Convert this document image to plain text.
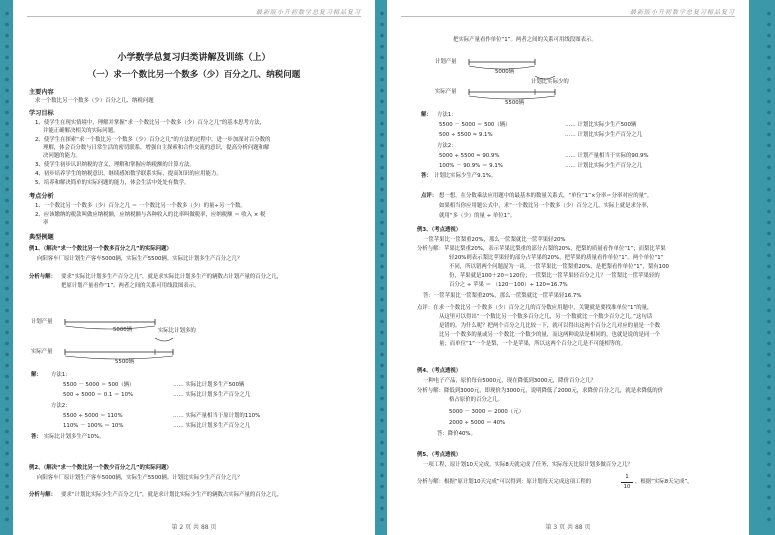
最新版小升初数学总复习精品复习
小学数学总复习归类讲解及训练（上）
（一）求一个数比另一个数多（少）百分之几、纳税问题
主要内容
求一个数比另一个数多（少）百分之几、纳税问题
学习目标
1、使学生在现实情境中，理解并掌握“求一个数比另一个数多（少）百分之几”的基本思考方法，
并能正确解决相关的实际问题。
2、使学生在探索“求一个数比另一个数多（少）百分之几”的方法的过程中，进一步加深对百分数的
理解，体会百分数与日常生活的密切联系，增强自主探索和合作交流的意识，提高分析问题和解
决问题的能力。
3、使学生初步认识纳税的含义，理解和掌握应纳税额的计算方法。
4、初步培养学生的纳税意识，继续感知数学联系实际，提高知识的应用能力。
5、培养和解决简单的实际问题的能力，体会生活中处处有数学。
考点分析
1、一个数比另一个数多（少）百分之几 ＝ 一个数比另一个数多（少）的量÷另一个数。
2、应该缴纳的税款叫做应纳税额，应纳税额与各种收入的比率叫做税率，应纳税额 ＝ 收入 × 税
率
典型例题
例1、（解决“求一个数比另一个数多百分之几”的实际问题）
向阳客车厂原计划生产客车5000辆，实际生产5500辆。实际比计划多生产百分之几？
分析与解： 要求“实际比计划多生产百分之几”，就是求实际比计划多生产的辆数占计划产量的百分之几，
把原计划产量看作“1”。两者之间的关系可用线段图表示。
计划产量
5000辆	实际比计划多的
实际产量
5500辆
解： 方法1：
5500 － 5000 ＝ 500（辆）	…… 实际比计划多生产500辆
500 ÷ 5000 ＝ 0.1 ＝ 10%	…… 实际比计划多生产百分之几
方法2：
5500 ÷ 5000 ＝ 110%	…… 实际产量相当于原计划的110%
110% － 100% ＝ 10%	…… 实际比计划多生产百分之几
答： 实际比计划多生产10%。
例2、（解决“求一个数比另一个数少百分之几”的实际问题）
向阳客车厂原计划生产客车5000辆，实际生产5500辆。计划比实际少生产百分之几？
分析与解： 要求“计划比实际少生产百分之几”，就是求计划比实际少生产的辆数占实际产量的百分之几，
第 2 页 共 88 页
最新版小升初数学总复习精品复习
把实际产量看作单位“1”。两者之间的关系可用线段图表示。
计划产量
5000辆
计划比实际少的
实际产量
5500辆
解： 方法1：
5500 － 5000 ＝ 500（辆）	…… 计划比实际少生产500辆
500 ÷ 5500 ≈ 9.1%	…… 计划比实际少生产百分之几
方法2：
5000 ÷ 5500 ≈ 90.9%	…… 计划产量相当于实际的90.9%
100% － 90.9% ＝ 9.1%	…… 计划比实际少生产百分之几
答： 计划比实际少生产9.1%。
点评： 想一想，在分数乘法应用题中的最基本的数量关系式，“单位“1”×分率＝分率对应的量”。
如果相当你应用题公式中，求“一个数比另一个数多（少）百分之几，实际上就是求分率，
就用“多（少）的量 ÷ 单位1”。
例3、（考点透视）
一筐苹果比一筐梨重20%，那么一筐梨就比一筐苹果轻20%
分析与解：苹果比梨重20%，表示苹果比梨重的部分占梨的20%，把梨的质量看作单位“1”；而梨比苹果
轻20%则表示梨比苹果轻的部分占苹果的20%，把苹果的质量看作单位“1”。两个单位“1”
不同，所以错两个问题混为一谈。一筐苹果比一筐梨重20%，是把梨看作单位“1”，梨有100
份，苹果就是100＋20＝120份；一筐梨比一筐苹果轻百分之几？一筐梨比一筐苹果轻的
百分之 ÷ 苹果 ＝ （120－100）÷ 120≈16.7%
答：一筐苹果比一筐梨重20%，那么一筐梨就比一筐苹果轻16.7%
点评：在求一个数比另一个数多（少）百分之几的百分数应用题中，关键就是要找准单位“1”的量，
从这里可以得出“一个数比另一个数多百分之几，另一个数就比一个数少百分之几。”这句话
是错的。为什么呢？把两个百分之几比较一下，就可以得出这两个百分之几对应的量是一个数
比另一个数多的量或另一个数比一个数少的量，而这两种说法是相同的，也就是说的是同一个
量；而单位“1”一个是梨，一个是苹果，所以这两个百分之几是不可能相等的。
例4、（考点透视）
一种电子产品，原价每台5000元，现在降低到3000元，降价百分之几？
分析与解：降低到3000元，即现价为3000元，说明降低了2000元，求降价百分之几，就是求降低的价
格占原价的百分之几。
5000 － 3000 ＝ 2000（元）
2000 ÷ 5000 ＝ 40%
答：降价40%。
例5、（考点透视）
一项工程，原计划10天完成，实际8天就完成了任务，实际每天比原计划多做百分之几？
分析与解：根据“原计划10天完成”可以得到：原计划每天完成这项工程的
1
10
，根据“实际8天完成”，
第 3 页 共 88 页
